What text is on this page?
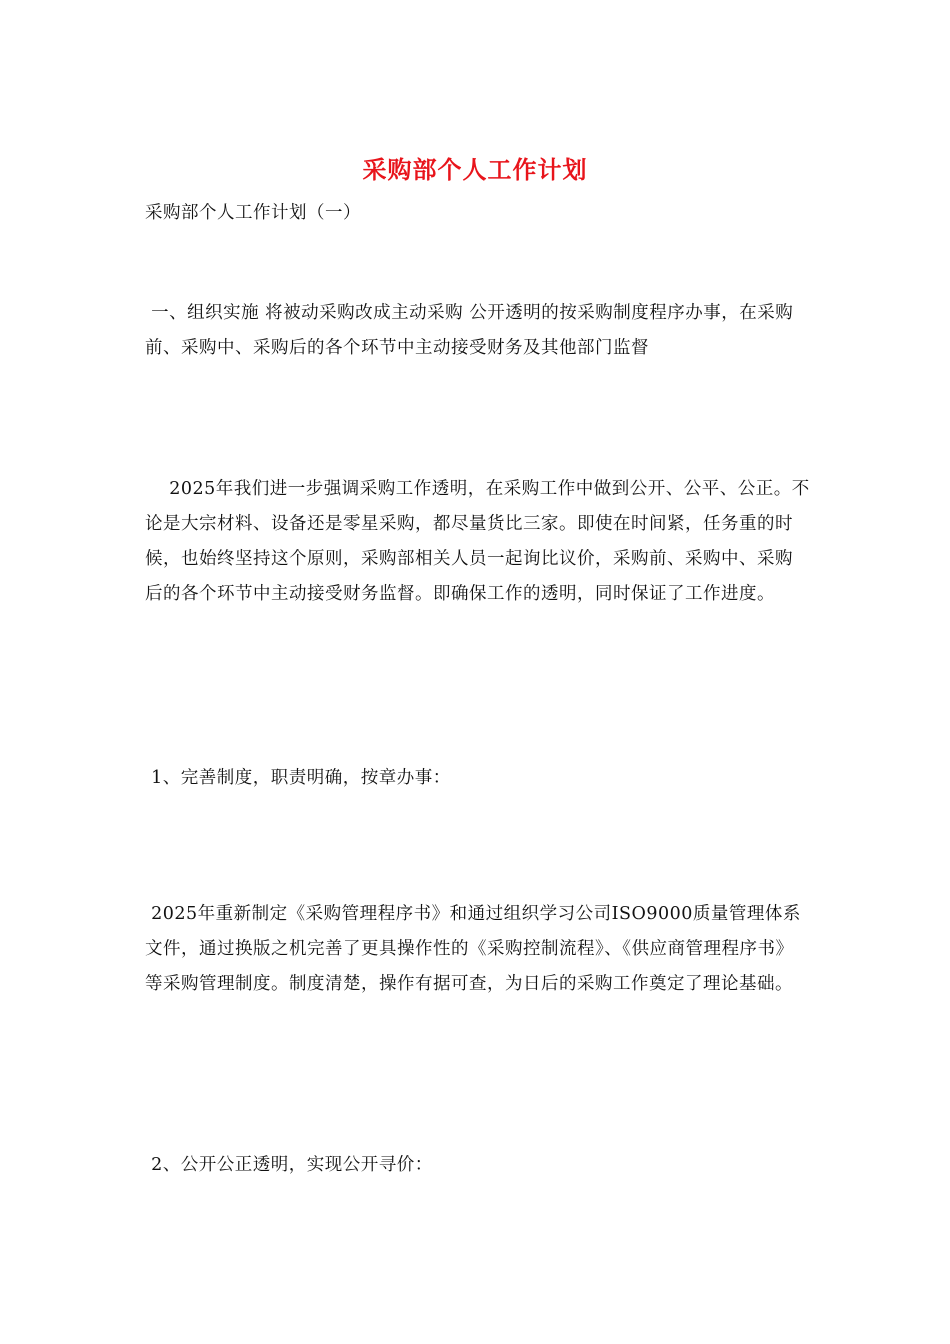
采购部个人工作计划

采购部个人工作计划（一）

一、组织实施 将被动采购改成主动采购 公开透明的按采购制度程序办事，在采购前、采购中、采购后的各个环节中主动接受财务及其他部门监督

2025年我们进一步强调采购工作透明，在采购工作中做到公开、公平、公正。不论是大宗材料、设备还是零星采购，都尽量货比三家。即使在时间紧，任务重的时候，也始终坚持这个原则，采购部相关人员一起询比议价，采购前、采购中、采购后的各个环节中主动接受财务监督。即确保工作的透明，同时保证了工作进度。

1、完善制度，职责明确，按章办事：

2025年重新制定《采购管理程序书》和通过组织学习公司ISO9000质量管理体系文件，通过换版之机完善了更具操作性的《采购控制流程》、《供应商管理程序书》等采购管理制度。制度清楚，操作有据可查，为日后的采购工作奠定了理论基础。

2、公开公正透明，实现公开寻价：
